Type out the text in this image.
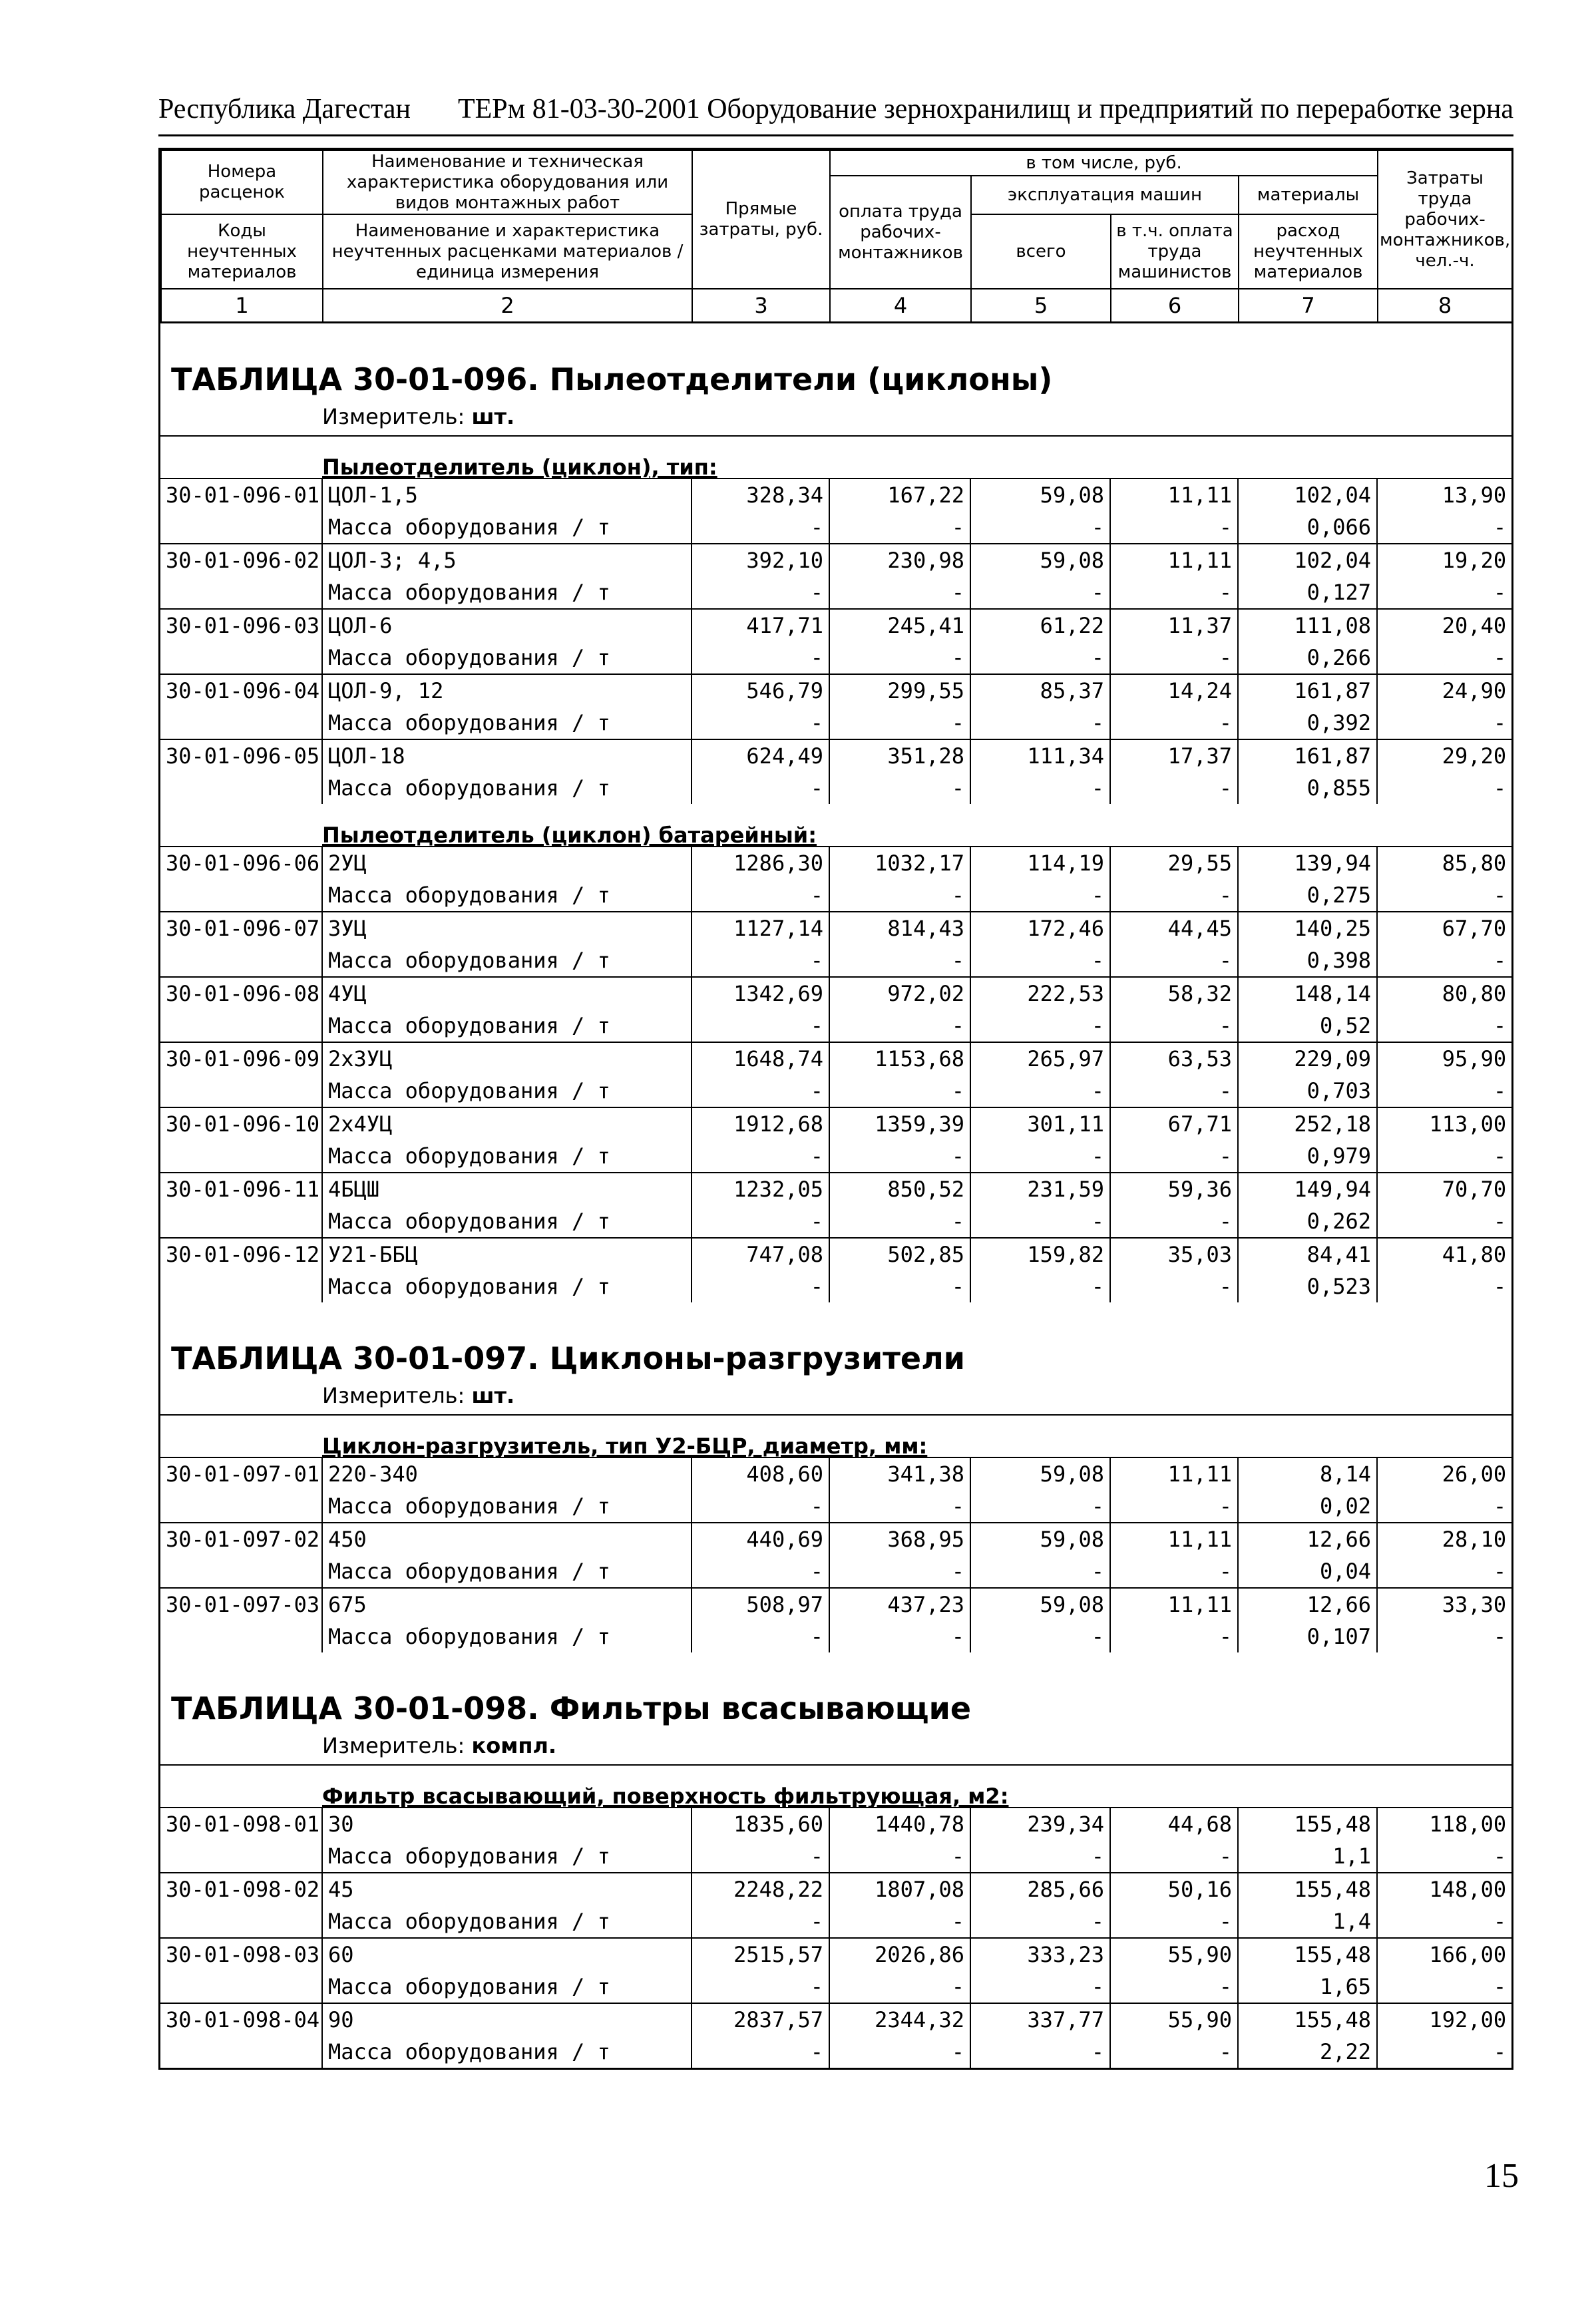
Республика Дагестан ТЕРм 81-03-30-2001 Оборудование зернохранилищ и предприятий по переработке зерна
Номера расценок	Наименование и техническая характеристика оборудования или видов монтажных работ	Прямые затраты, руб.	в том числе, руб.				Затраты труда рабочих-монтажников, чел.-ч.
			оплата труда рабочих-монтажников	эксплуатация машин		материалы	
Коды неучтенных материалов	Наименование и характеристика неучтенных расценками материалов / единица измерения			всего	в т.ч. оплата труда машинистов	расход неучтенных материалов	

1	2	3	4	5	6	7	8
ТАБЛИЦА 30-01-096. Пылеотделители (циклоны)							
	Измеритель: шт.						
	Пылеотделитель (циклон), тип:						
30-01-096-01	ЦОЛ-1,5	328,34	167,22	59,08	11,11	102,04	13,90
	Масса оборудования / т	-	-	-	-	0,066	-
30-01-096-02	ЦОЛ-3; 4,5	392,10	230,98	59,08	11,11	102,04	19,20
	Масса оборудования / т	-	-	-	-	0,127	-
30-01-096-03	ЦОЛ-6	417,71	245,41	61,22	11,37	111,08	20,40
	Масса оборудования / т	-	-	-	-	0,266	-
30-01-096-04	ЦОЛ-9, 12	546,79	299,55	85,37	14,24	161,87	24,90
	Масса оборудования / т	-	-	-	-	0,392	-
30-01-096-05	ЦОЛ-18	624,49	351,28	111,34	17,37	161,87	29,20
	Масса оборудования / т	-	-	-	-	0,855	-
	Пылеотделитель (циклон) батарейный:						
30-01-096-06	2УЦ	1286,30	1032,17	114,19	29,55	139,94	85,80
	Масса оборудования / т	-	-	-	-	0,275	-
30-01-096-07	3УЦ	1127,14	814,43	172,46	44,45	140,25	67,70
	Масса оборудования / т	-	-	-	-	0,398	-
30-01-096-08	4УЦ	1342,69	972,02	222,53	58,32	148,14	80,80
	Масса оборудования / т	-	-	-	-	0,52	-
30-01-096-09	2х3УЦ	1648,74	1153,68	265,97	63,53	229,09	95,90
	Масса оборудования / т	-	-	-	-	0,703	-
30-01-096-10	2х4УЦ	1912,68	1359,39	301,11	67,71	252,18	113,00
	Масса оборудования / т	-	-	-	-	0,979	-
30-01-096-11	4БЦШ	1232,05	850,52	231,59	59,36	149,94	70,70
	Масса оборудования / т	-	-	-	-	0,262	-
30-01-096-12	У21-ББЦ	747,08	502,85	159,82	35,03	84,41	41,80
	Масса оборудования / т	-	-	-	-	0,523	-
ТАБЛИЦА 30-01-097. Циклоны-разгрузители							
	Измеритель: шт.						
	Циклон-разгрузитель, тип У2-БЦР, диаметр, мм:						
30-01-097-01	220-340	408,60	341,38	59,08	11,11	8,14	26,00
	Масса оборудования / т	-	-	-	-	0,02	-
30-01-097-02	450	440,69	368,95	59,08	11,11	12,66	28,10
	Масса оборудования / т	-	-	-	-	0,04	-
30-01-097-03	675	508,97	437,23	59,08	11,11	12,66	33,30
	Масса оборудования / т	-	-	-	-	0,107	-
ТАБЛИЦА 30-01-098. Фильтры всасывающие							
	Измеритель: компл.						
	Фильтр всасывающий, поверхность фильтрующая, м2:						
30-01-098-01	30	1835,60	1440,78	239,34	44,68	155,48	118,00
	Масса оборудования / т	-	-	-	-	1,1	-
30-01-098-02	45	2248,22	1807,08	285,66	50,16	155,48	148,00
	Масса оборудования / т	-	-	-	-	1,4	-
30-01-098-03	60	2515,57	2026,86	333,23	55,90	155,48	166,00
	Масса оборудования / т	-	-	-	-	1,65	-
30-01-098-04	90	2837,57	2344,32	337,77	55,90	155,48	192,00
	Масса оборудования / т	-	-	-	-	2,22	-
15
